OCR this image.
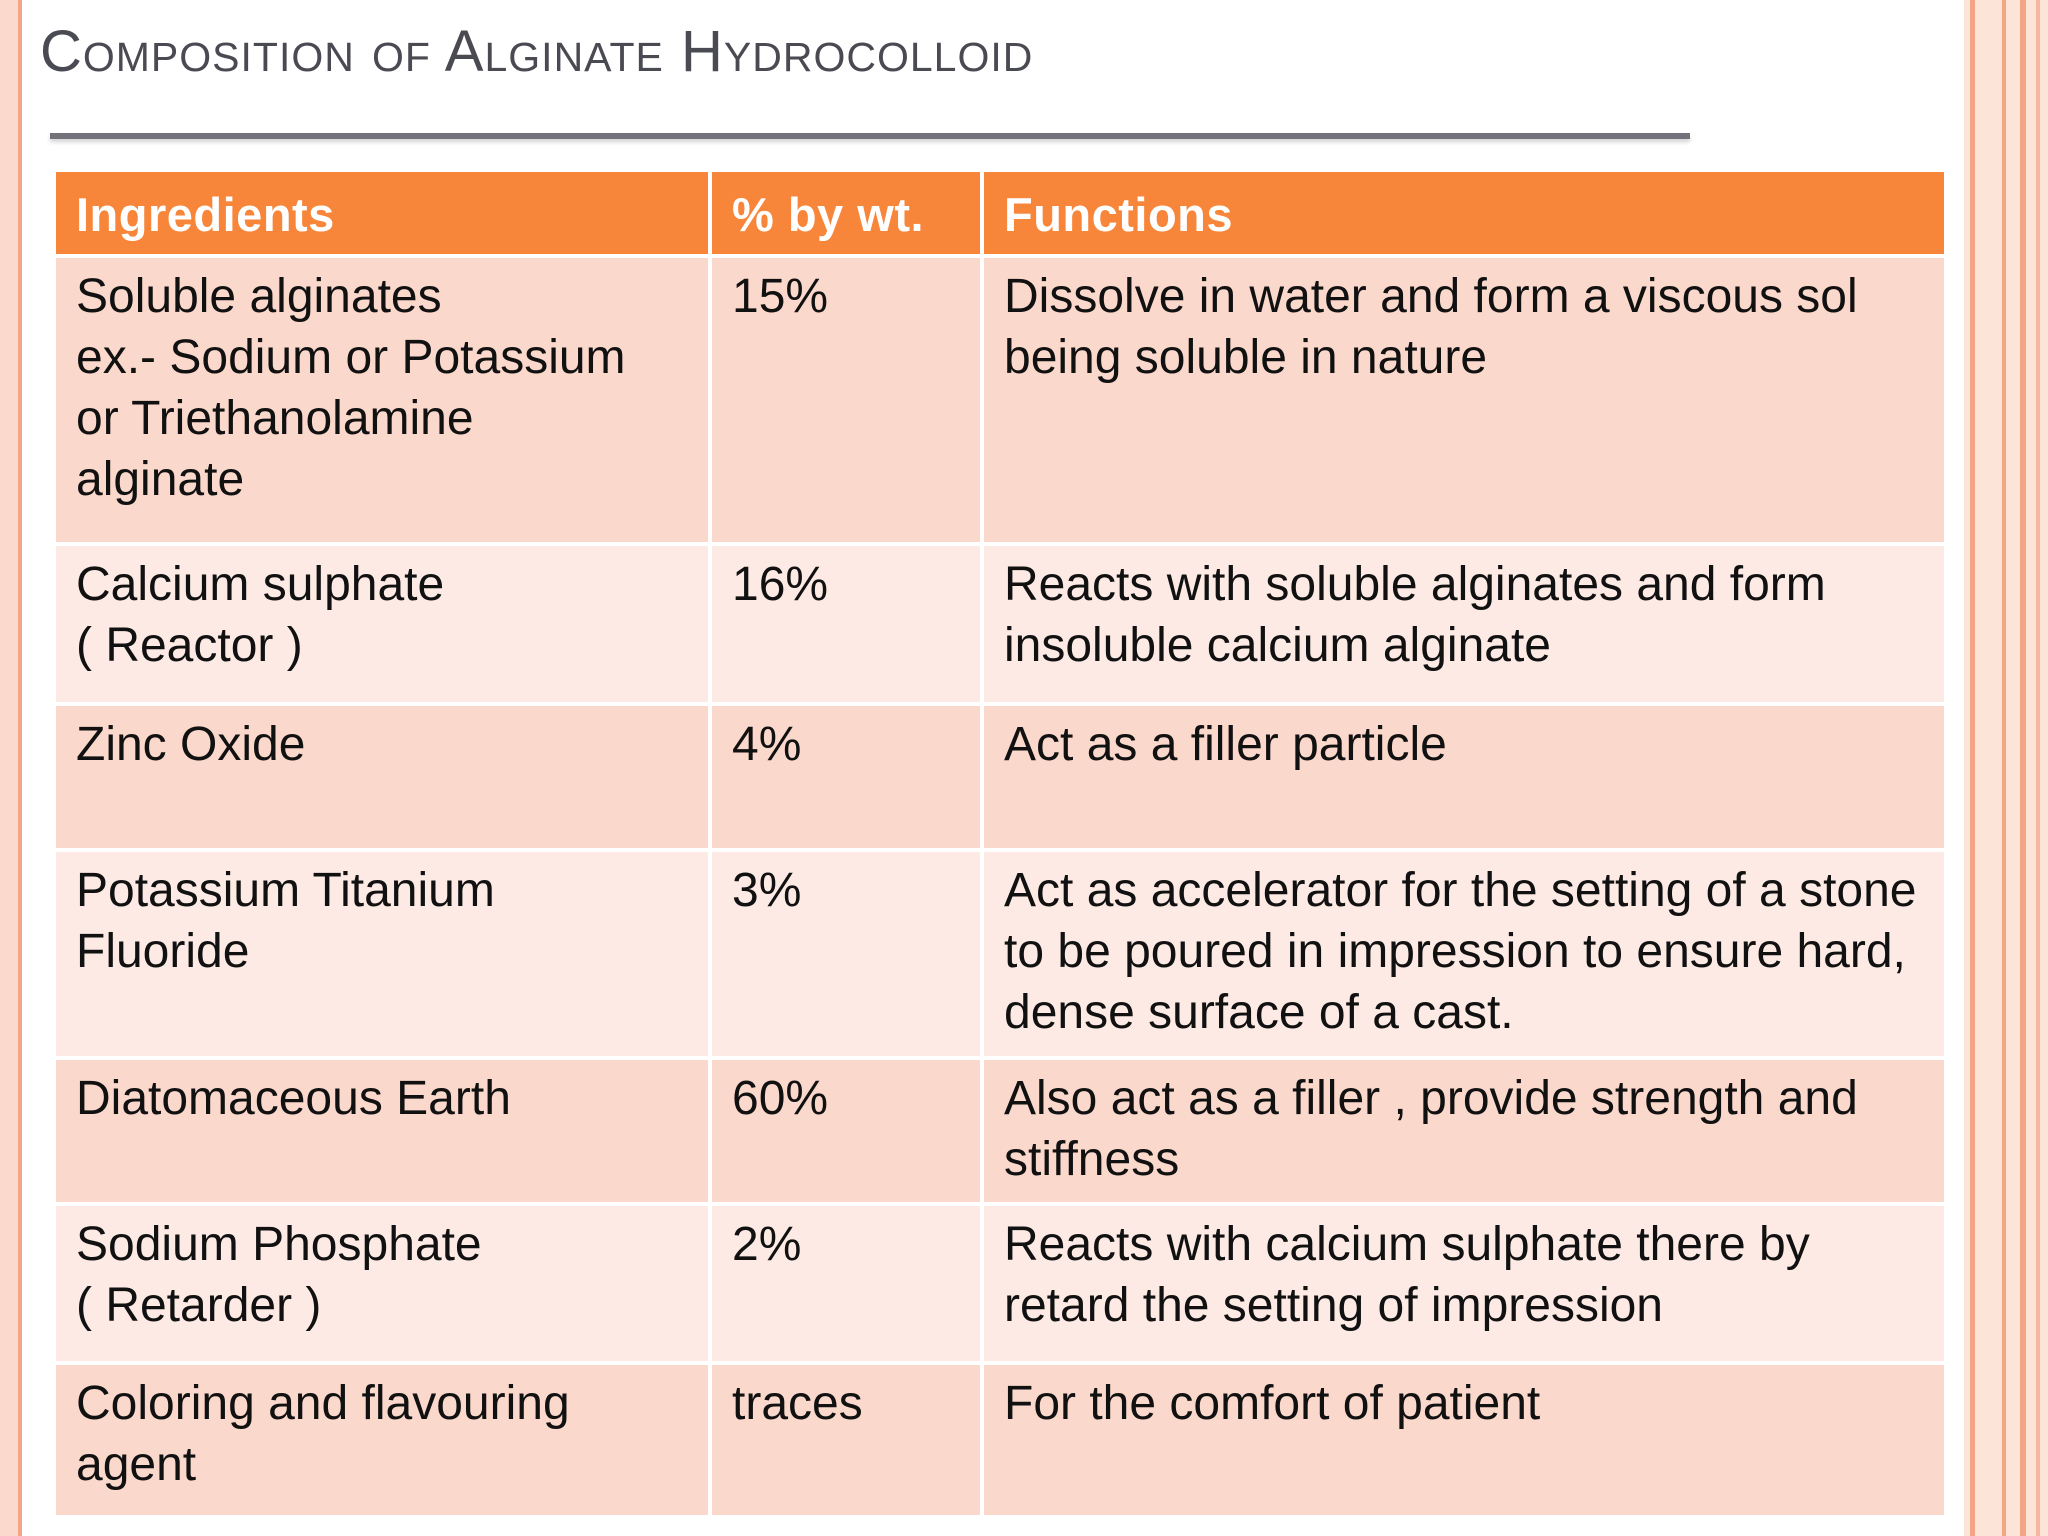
Composition of Alginate Hydrocolloid
Ingredients	% by wt.	Functions
Soluble alginates
ex.- Sodium or Potassium
or Triethanolamine
alginate	15%	Dissolve in water and form a viscous sol being soluble in nature
Calcium sulphate
( Reactor )	16%	Reacts with soluble alginates and form insoluble calcium alginate
Zinc Oxide	4%	Act as a filler particle
Potassium Titanium
Fluoride	3%	Act as accelerator for the setting of a stone to be poured in impression to ensure hard, dense surface of a cast.
Diatomaceous Earth	60%	Also act as a filler , provide strength and stiffness
Sodium Phosphate
( Retarder )	2%	Reacts with calcium sulphate there by retard the setting of impression
Coloring and flavouring
agent	traces	For the comfort of patient
